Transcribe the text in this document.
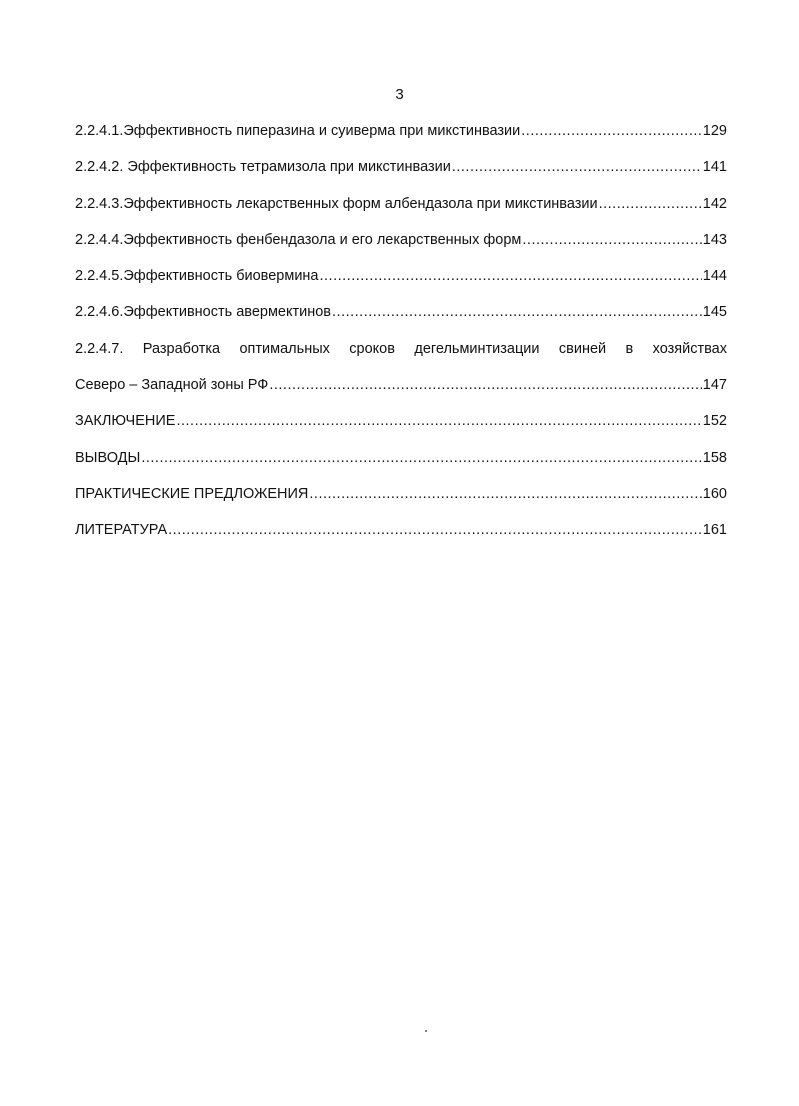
3
2.2.4.1.Эффективность пиперазина и суиверма при микстинвазии .....	129
2.2.4.2. Эффективность тетрамизола при микстинвазии .....	141
2.2.4.3.Эффективность лекарственных форм албендазола при микстинвазии .....	142
2.2.4.4.Эффективность фенбендазола и его лекарственных форм .....	143
2.2.4.5.Эффективность биовермина .....	144
2.2.4.6.Эффективность авермектинов .....	145
2.2.4.7. Разработка оптимальных сроков дегельминтизации свиней в хозяйствах
Северо – Западной зоны РФ .....	147
ЗАКЛЮЧЕНИЕ .....	152
ВЫВОДЫ .....	158
ПРАКТИЧЕСКИЕ ПРЕДЛОЖЕНИЯ .....	160
ЛИТЕРАТУРА .....	161
